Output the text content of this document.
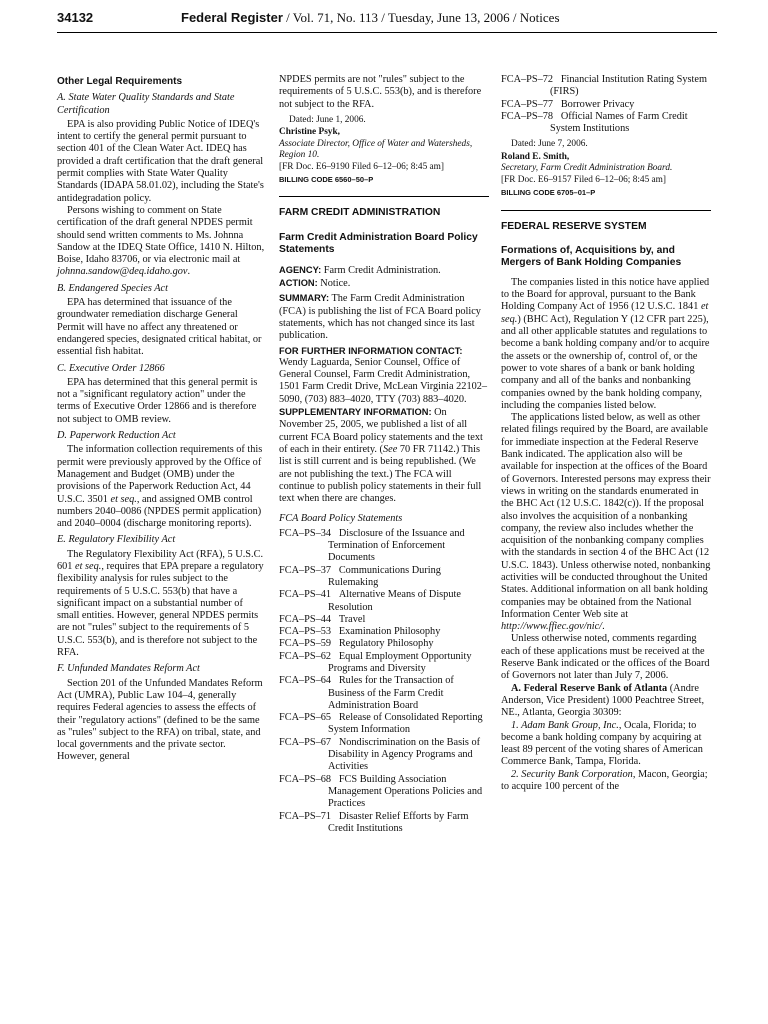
34132	Federal Register / Vol. 71, No. 113 / Tuesday, June 13, 2006 / Notices

Other Legal Requirements

A. State Water Quality Standards and State Certification

EPA is also providing Public Notice of IDEQ's intent to certify the general permit pursuant to section 401 of the Clean Water Act. IDEQ has provided a draft certification that the draft general permit complies with State Water Quality Standards (IDAPA 58.01.02), including the State's antidegradation policy.

Persons wishing to comment on State certification of the draft general NPDES permit should send written comments to Ms. Johnna Sandow at the IDEQ State Office, 1410 N. Hilton, Boise, Idaho 83706, or via electronic mail at johnna.sandow@deq.idaho.gov.

B. Endangered Species Act

EPA has determined that issuance of the groundwater remediation discharge General Permit will have no affect any threatened or endangered species, designated critical habitat, or essential fish habitat.

C. Executive Order 12866

EPA has determined that this general permit is not a "significant regulatory action" under the terms of Executive Order 12866 and is therefore not subject to OMB review.

D. Paperwork Reduction Act

The information collection requirements of this permit were previously approved by the Office of Management and Budget (OMB) under the provisions of the Paperwork Reduction Act, 44 U.S.C. 3501 et seq., and assigned OMB control numbers 2040–0086 (NPDES permit application) and 2040–0004 (discharge monitoring reports).

E. Regulatory Flexibility Act

The Regulatory Flexibility Act (RFA), 5 U.S.C. 601 et seq., requires that EPA prepare a regulatory flexibility analysis for rules subject to the requirements of 5 U.S.C. 553(b) that have a significant impact on a substantial number of small entities. However, general NPDES permits are not "rules" subject to the requirements of 5 U.S.C. 553(b), and is therefore not subject to the RFA.

F. Unfunded Mandates Reform Act

Section 201 of the Unfunded Mandates Reform Act (UMRA), Public Law 104–4, generally requires Federal agencies to assess the effects of their "regulatory actions" (defined to be the same as "rules" subject to the RFA) on tribal, state, and local governments and the private sector. However, general

NPDES permits are not "rules" subject to the requirements of 5 U.S.C. 553(b), and is therefore not subject to the RFA.

Dated: June 1, 2006.

Christine Psyk,

Associate Director, Office of Water and Watersheds, Region 10.

[FR Doc. E6–9190 Filed 6–12–06; 8:45 am]

BILLING CODE 6560–50–P

FARM CREDIT ADMINISTRATION

Farm Credit Administration Board Policy Statements

AGENCY: Farm Credit Administration.

ACTION: Notice.

SUMMARY: The Farm Credit Administration (FCA) is publishing the list of FCA Board policy statements, which has not changed since its last publication.

FOR FURTHER INFORMATION CONTACT:

Wendy Laguarda, Senior Counsel, Office of General Counsel, Farm Credit Administration, 1501 Farm Credit Drive, McLean Virginia 22102–5090, (703) 883–4020, TTY (703) 883–4020.

SUPPLEMENTARY INFORMATION: On November 25, 2005, we published a list of all current FCA Board policy statements and the text of each in their entirety. (See 70 FR 71142.) This list is still current and is being republished. (We are not publishing the text.) The FCA will continue to publish policy statements in their full text when there are changes.

FCA Board Policy Statements

FCA–PS–34 Disclosure of the Issuance and Termination of Enforcement Documents

FCA–PS–37 Communications During Rulemaking

FCA–PS–41 Alternative Means of Dispute Resolution

FCA–PS–44 Travel

FCA–PS–53 Examination Philosophy

FCA–PS–59 Regulatory Philosophy

FCA–PS–62 Equal Employment Opportunity Programs and Diversity

FCA–PS–64 Rules for the Transaction of Business of the Farm Credit Administration Board

FCA–PS–65 Release of Consolidated Reporting System Information

FCA–PS–67 Nondiscrimination on the Basis of Disability in Agency Programs and Activities

FCA–PS–68 FCS Building Association Management Operations Policies and Practices

FCA–PS–71 Disaster Relief Efforts by Farm Credit Institutions

FCA–PS–72 Financial Institution Rating System (FIRS)

FCA–PS–77 Borrower Privacy

FCA–PS–78 Official Names of Farm Credit System Institutions

Dated: June 7, 2006.

Roland E. Smith,

Secretary, Farm Credit Administration Board.

[FR Doc. E6–9157 Filed 6–12–06; 8:45 am]

BILLING CODE 6705–01–P

FEDERAL RESERVE SYSTEM

Formations of, Acquisitions by, and Mergers of Bank Holding Companies

The companies listed in this notice have applied to the Board for approval, pursuant to the Bank Holding Company Act of 1956 (12 U.S.C. 1841 et seq.) (BHC Act), Regulation Y (12 CFR part 225), and all other applicable statutes and regulations to become a bank holding company and/or to acquire the assets or the ownership of, control of, or the power to vote shares of a bank or bank holding company and all of the banks and nonbanking companies owned by the bank holding company, including the companies listed below.

The applications listed below, as well as other related filings required by the Board, are available for immediate inspection at the Federal Reserve Bank indicated. The application also will be available for inspection at the offices of the Board of Governors. Interested persons may express their views in writing on the standards enumerated in the BHC Act (12 U.S.C. 1842(c)). If the proposal also involves the acquisition of a nonbanking company, the review also includes whether the acquisition of the nonbanking company complies with the standards in section 4 of the BHC Act (12 U.S.C. 1843). Unless otherwise noted, nonbanking activities will be conducted throughout the United States. Additional information on all bank holding companies may be obtained from the National Information Center Web site at http://www.ffiec.gov/nic/.

Unless otherwise noted, comments regarding each of these applications must be received at the Reserve Bank indicated or the offices of the Board of Governors not later than July 7, 2006.

A. Federal Reserve Bank of Atlanta (Andre Anderson, Vice President) 1000 Peachtree Street, NE., Atlanta, Georgia 30309:

1. Adam Bank Group, Inc., Ocala, Florida; to become a bank holding company by acquiring at least 89 percent of the voting shares of American Commerce Bank, Tampa, Florida.

2. Security Bank Corporation, Macon, Georgia; to acquire 100 percent of the
